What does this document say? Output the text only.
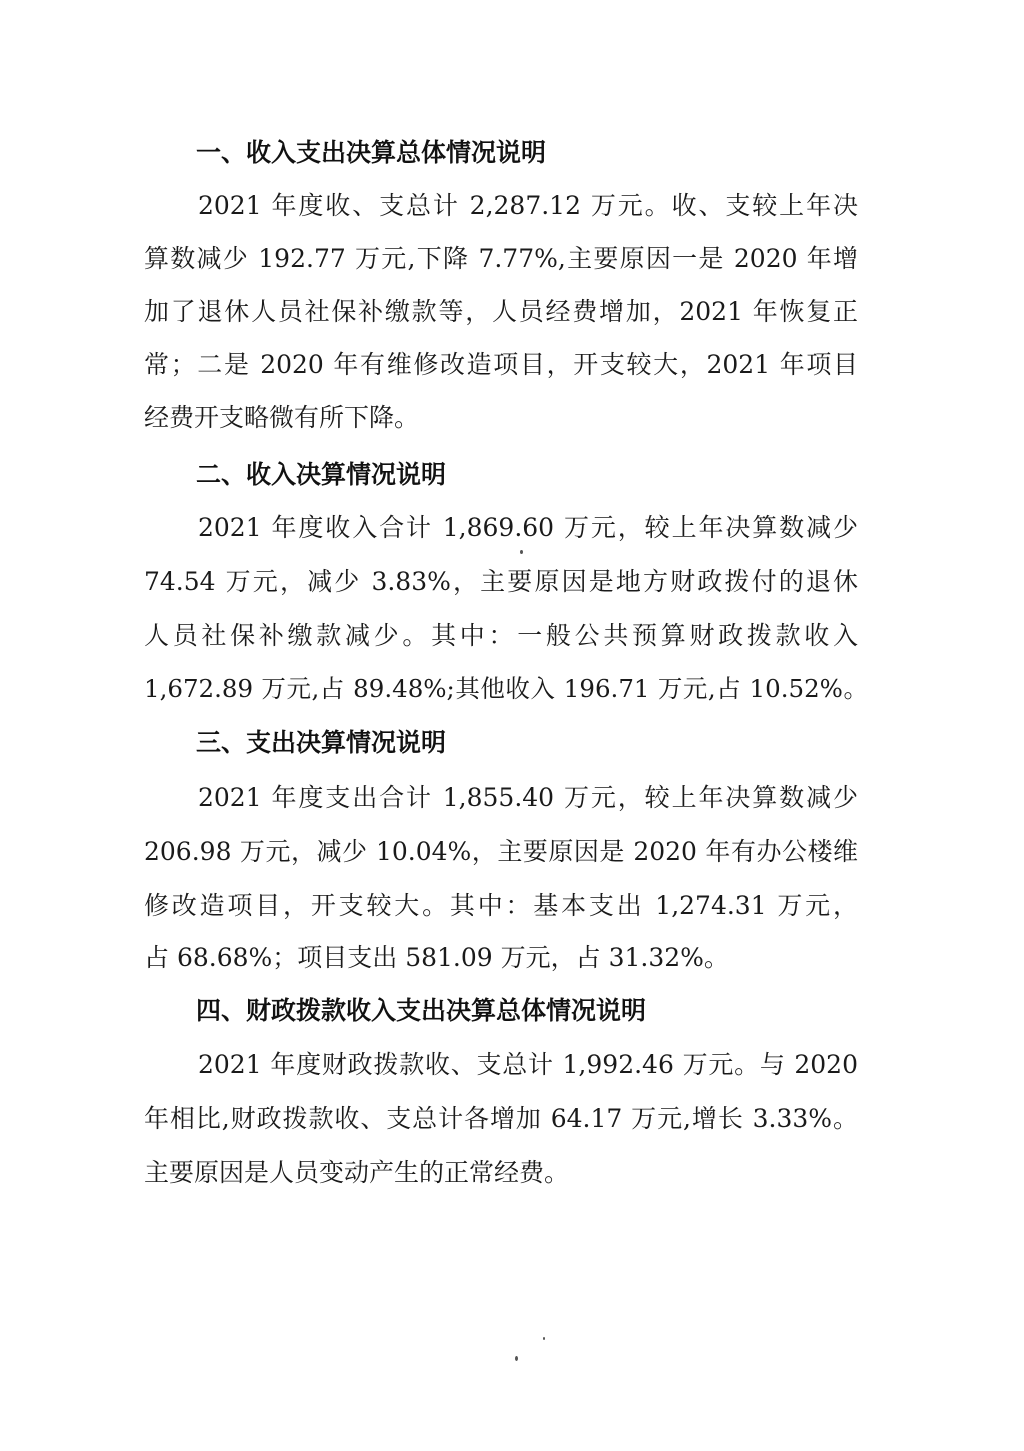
一、收入支出决算总体情况说明
2021 年度收、支总计 2,287.12 万元。收、支较上年决
算数减少 192.77 万元,下降 7.77%,主要原因一是 2020 年增
加了退休人员社保补缴款等，人员经费增加，2021 年恢复正
常；二是 2020 年有维修改造项目，开支较大，2021 年项目
经费开支略微有所下降。
二、收入决算情况说明
2021 年度收入合计 1,869.60 万元，较上年决算数减少
74.54 万元，减少 3.83%，主要原因是地方财政拨付的退休
人员社保补缴款减少。其中：一般公共预算财政拨款收入
1,672.89 万元,占 89.48%;其他收入 196.71 万元,占 10.52%。
三、支出决算情况说明
2021 年度支出合计 1,855.40 万元，较上年决算数减少
206.98 万元，减少 10.04%，主要原因是 2020 年有办公楼维
修改造项目，开支较大。其中：基本支出 1,274.31 万元，
占 68.68%；项目支出 581.09 万元，占 31.32%。
四、财政拨款收入支出决算总体情况说明
2021 年度财政拨款收、支总计 1,992.46 万元。与 2020
年相比,财政拨款收、支总计各增加 64.17 万元,增长 3.33%。
主要原因是人员变动产生的正常经费。
